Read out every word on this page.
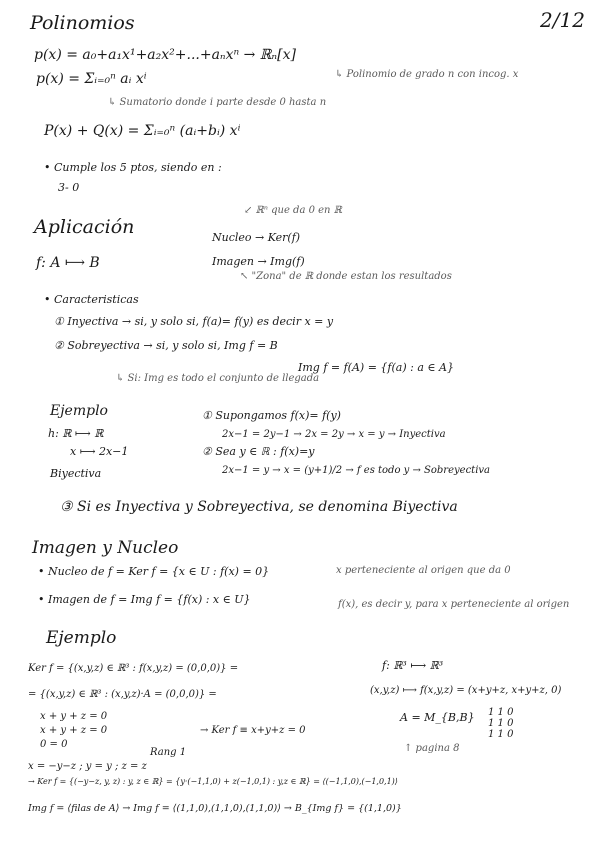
Polinomios	2/12
p(x) = a₀+a₁x¹+a₂x²+...+aₙxⁿ → ℝₙ[x]
p(x) = Σᵢ₌₀ⁿ aᵢ xⁱ	↳ Polinomio de grado n con incog. x
↳ Sumatorio donde i parte desde 0 hasta n
P(x) + Q(x) = Σᵢ₌₀ⁿ (aᵢ+bᵢ) xⁱ
• Cumple los 5 ptos, siendo en :
3- 0
Aplicación
↙ ℝⁿ que da 0 en ℝ
Nucleo → Ker(f)
f: A ⟼ B	Imagen → Img(f)
↖ "Zona" de ℝ donde estan los resultados
• Caracteristicas
① Inyectiva → si, y solo si, f(a)= f(y) es decir x = y
② Sobreyectiva → si, y solo si, Img f = B
Img f = f(A) = {f(a) : a ∈ A}
↳ Si: Img es todo el conjunto de llegada
Ejemplo
h: ℝ ⟼ ℝ
x ⟼ 2x−1
Biyectiva
① Supongamos f(x)= f(y)
2x−1 = 2y−1 → 2x = 2y → x = y → Inyectiva
② Sea y ∈ ℝ : f(x)=y
2x−1 = y → x = (y+1)/2 → f es todo y → Sobreyectiva
③ Si es Inyectiva y Sobreyectiva, se denomina Biyectiva
Imagen y Nucleo
• Nucleo de f = Ker f = {x ∈ U : f(x) = 0}	x perteneciente al origen que da 0
• Imagen de f = Img f = {f(x) : x ∈ U}	f(x), es decir y, para x perteneciente al origen
Ejemplo
Ker f = {(x,y,z) ∈ ℝ³ : f(x,y,z) = (0,0,0)} =	f: ℝ³ ⟼ ℝ³
= {(x,y,z) ∈ ℝ³ : (x,y,z)·A = (0,0,0)} =	(x,y,z) ⟼ f(x,y,z) = (x+y+z, x+y+z, 0)
x + y + z = 0
x + y + z = 0
0 = 0
→ Ker f ≡ x+y+z = 0
Rang 1
A = M_{B,B} 1 1 0
1 1 0
1 1 0
↑ pagina 8
x = −y−z ; y = y ; z = z
→ Ker f = {(−y−z, y, z) : y, z ∈ ℝ} = {y·(−1,1,0) + z(−1,0,1) : y,z ∈ ℝ} = ⟨(−1,1,0),(−1,0,1)⟩
Img f = ⟨filas de A⟩ → Img f = ⟨(1,1,0),(1,1,0),(1,1,0)⟩ → B_{Img f} = {(1,1,0)}
